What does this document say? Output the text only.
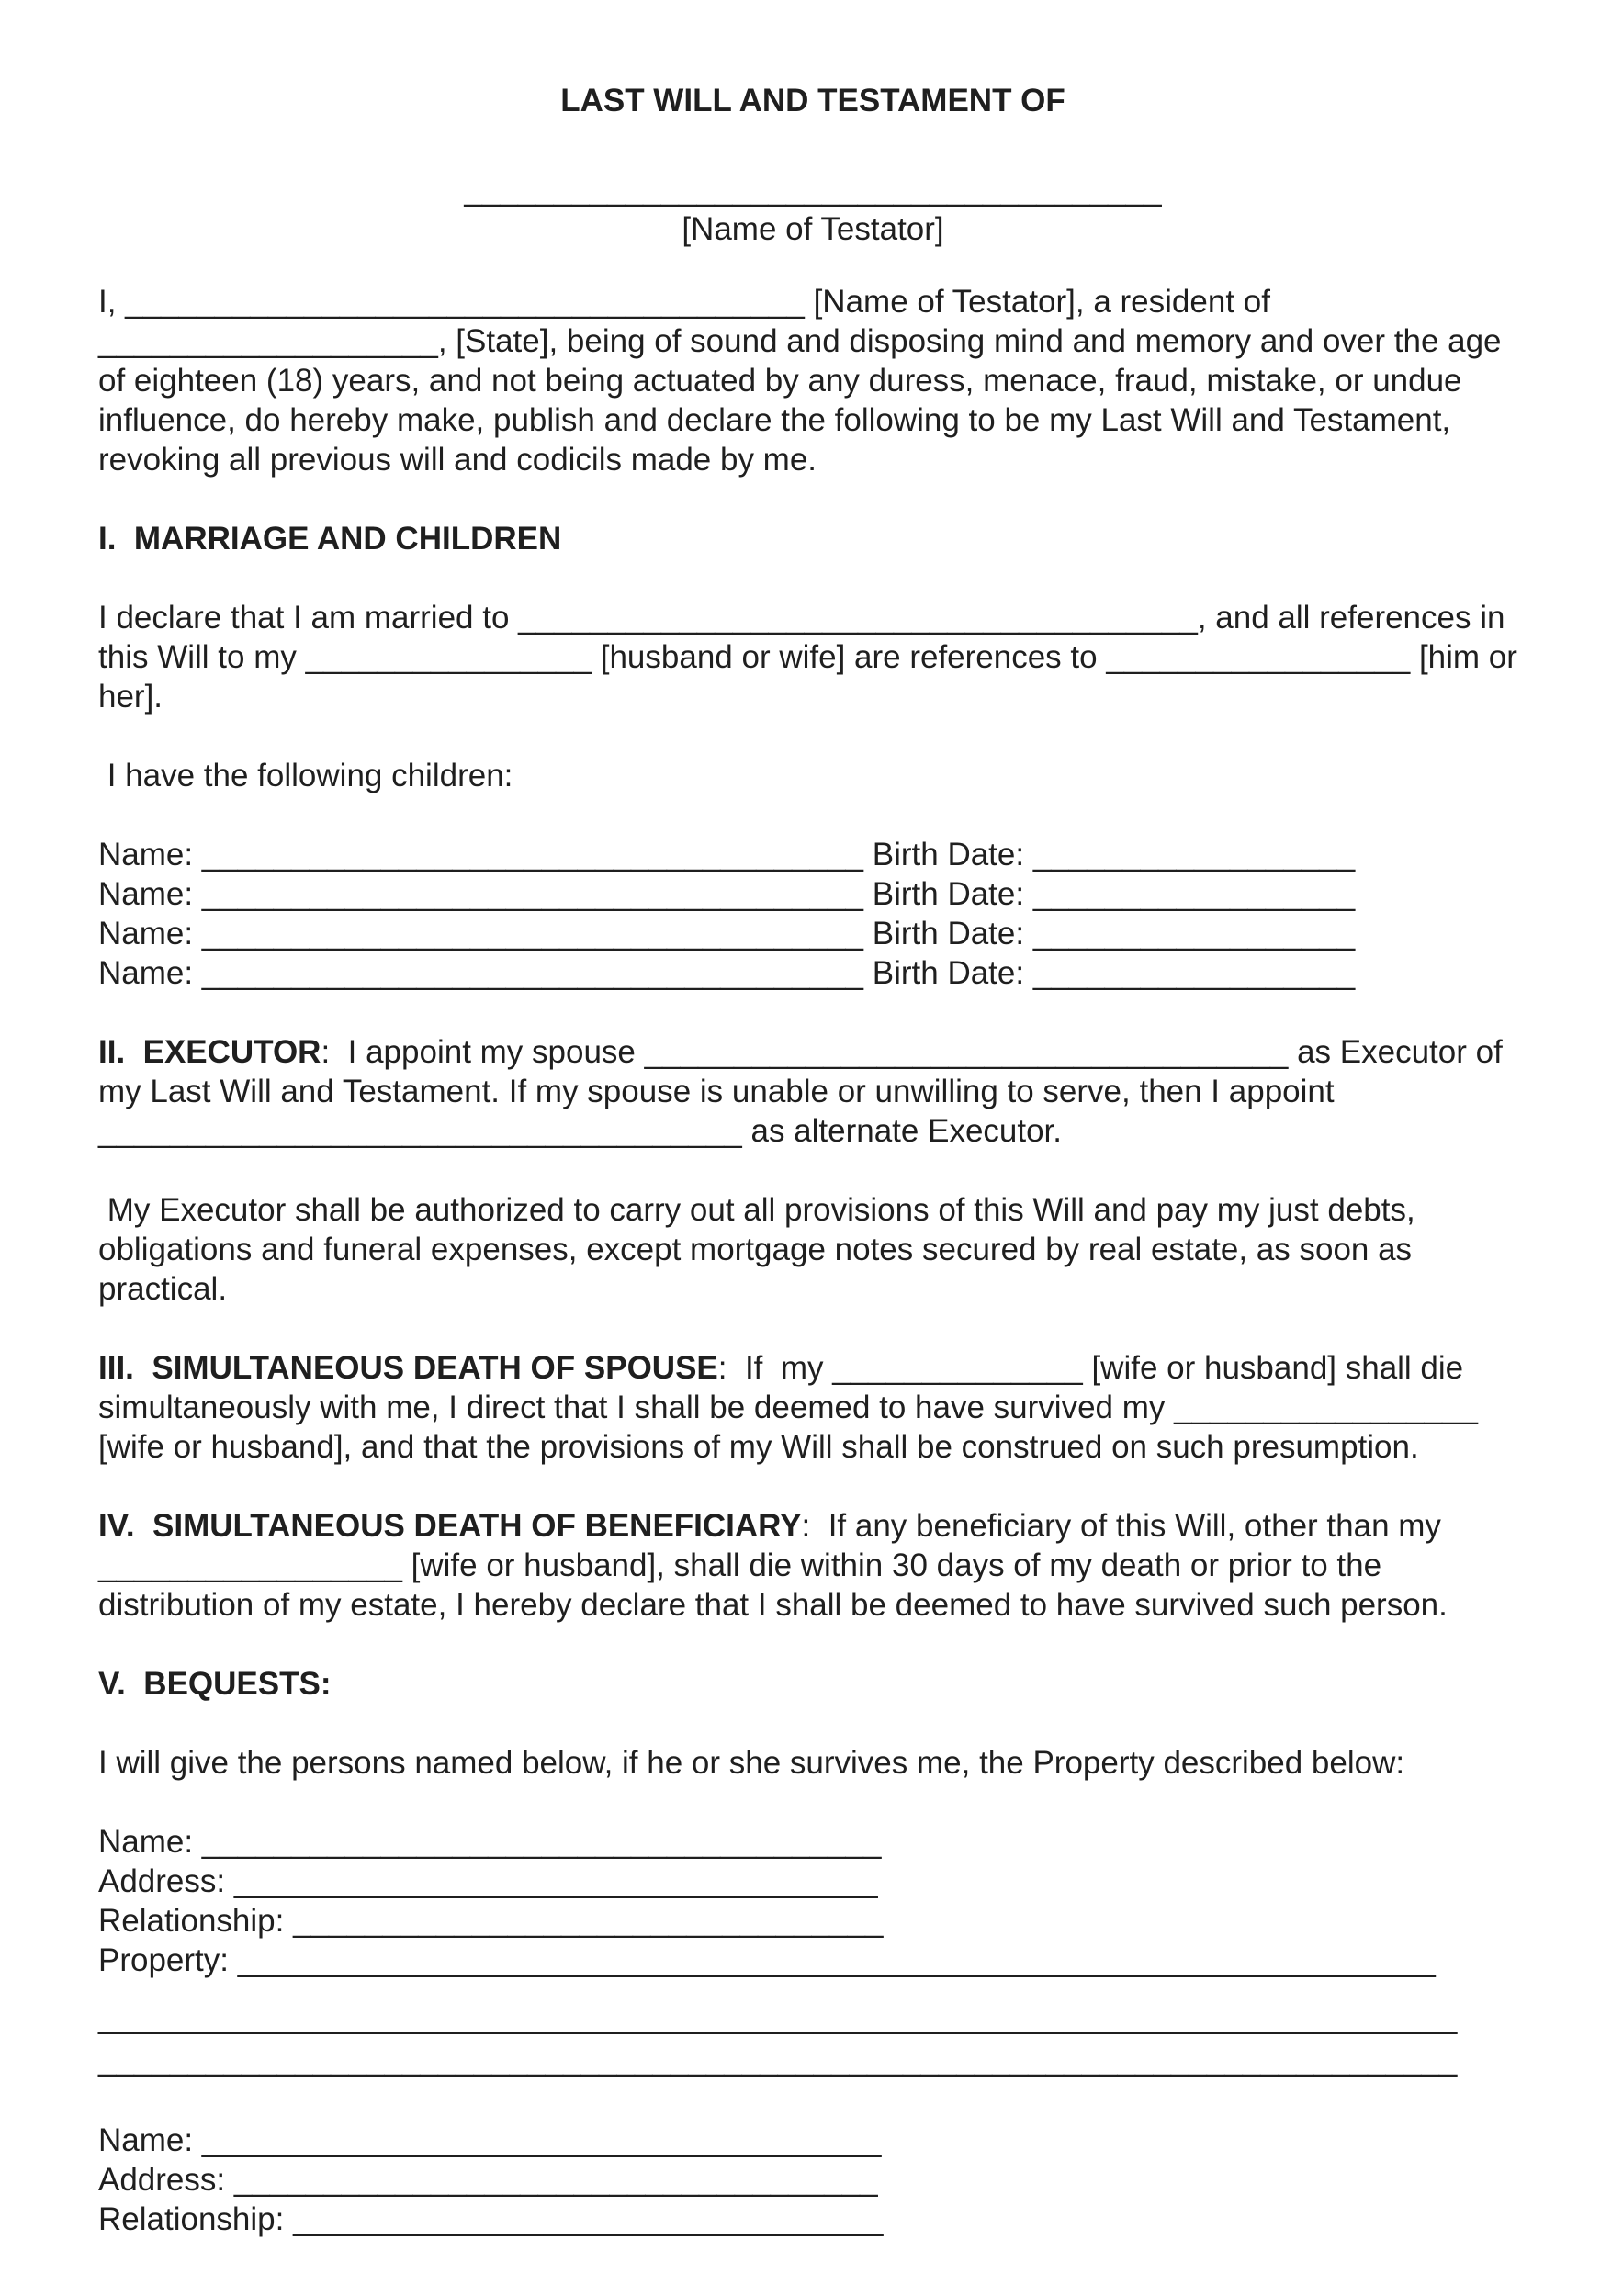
LAST WILL AND TESTAMENT OF
_______________________________________
[Name of Testator]

I, ______________________________________ [Name of Testator], a resident of ___________________, [State], being of sound and disposing mind and memory and over the age of eighteen (18) years, and not being actuated by any duress, menace, fraud, mistake, or undue influence, do hereby make, publish and declare the following to be my Last Will and Testament, revoking all previous will and codicils made by me.

I.  MARRIAGE AND CHILDREN

I declare that I am married to ______________________________________, and all references in this Will to my ________________ [husband or wife] are references to _________________ [him or her].

I have the following children:

Name: _____________________________________ Birth Date: __________________
Name: _____________________________________ Birth Date: __________________
Name: _____________________________________ Birth Date: __________________
Name: _____________________________________ Birth Date: __________________

II.  EXECUTOR:  I appoint my spouse ____________________________________ as Executor of my Last Will and Testament. If my spouse is unable or unwilling to serve, then I appoint ____________________________________ as alternate Executor.

My Executor shall be authorized to carry out all provisions of this Will and pay my just debts, obligations and funeral expenses, except mortgage notes secured by real estate, as soon as practical.

III.  SIMULTANEOUS DEATH OF SPOUSE:  If  my ______________ [wife or husband] shall die simultaneously with me, I direct that I shall be deemed to have survived my _________________ [wife or husband], and that the provisions of my Will shall be construed on such presumption.

IV.  SIMULTANEOUS DEATH OF BENEFICIARY:  If any beneficiary of this Will, other than my _________________ [wife or husband], shall die within 30 days of my death or prior to the distribution of my estate, I hereby declare that I shall be deemed to have survived such person.

V.  BEQUESTS:

I will give the persons named below, if he or she survives me, the Property described below:

Name: ______________________________________
Address: ____________________________________
Relationship: _________________________________
Property: ___________________________________________________________________
____________________________________________________________________________
____________________________________________________________________________
Name: ______________________________________
Address: ____________________________________
Relationship: _________________________________
